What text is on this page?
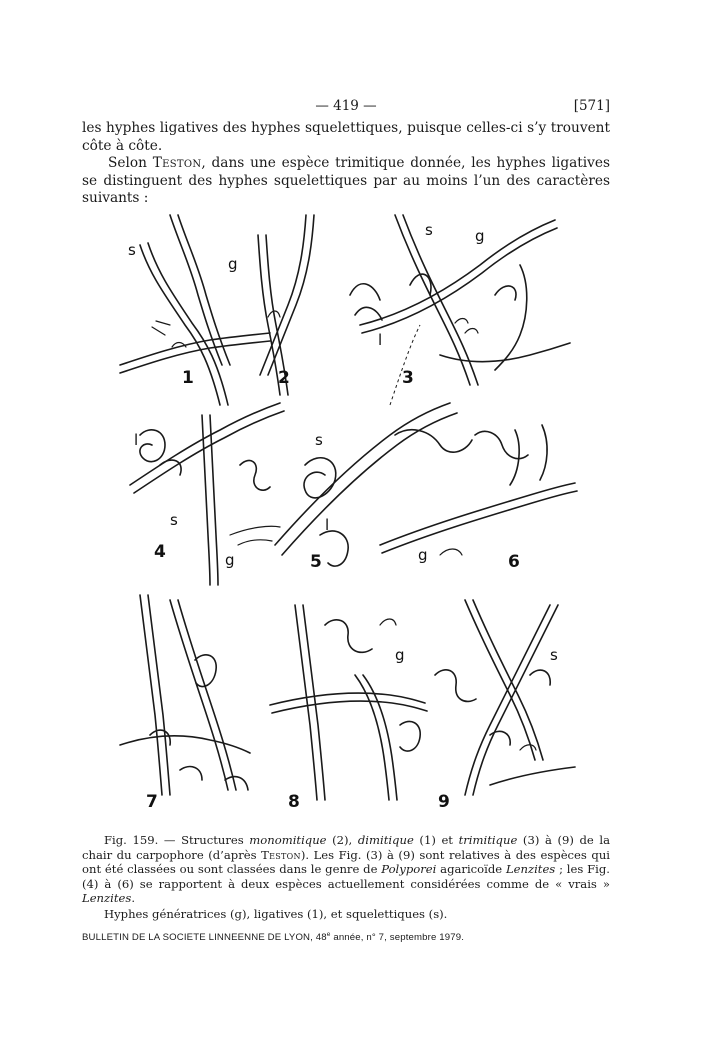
— 419 —	[571]

les hyphes ligatives des hyphes squelettiques, puisque celles-ci s’y trouvent côte à côte.

Selon Teston, dans une espèce trimitique donnée, les hyphes ligatives se distinguent des hyphes squelettiques par au moins l’un des caractères suivants :

s
g
s	g
l
l	s
s
g
l
g
g	s
1	2	3
4	5	6
7	8	9

Fig. 159. — Structures monomitique (2), dimitique (1) et trimitique (3) à (9) de la chair du carpophore (d’après Teston). Les Fig. (3) à (9) sont relatives à des espèces qui ont été classées ou sont classées dans le genre de Polyporei agaricoïde Lenzites ; les Fig. (4) à (6) se rapportent à deux espèces actuellement considérées comme de « vrais » Lenzites.

Hyphes génératrices (g), ligatives (1), et squelettiques (s).

BULLETIN DE LA SOCIETE LINNEENNE DE LYON, 48e année, n° 7, septembre 1979.
